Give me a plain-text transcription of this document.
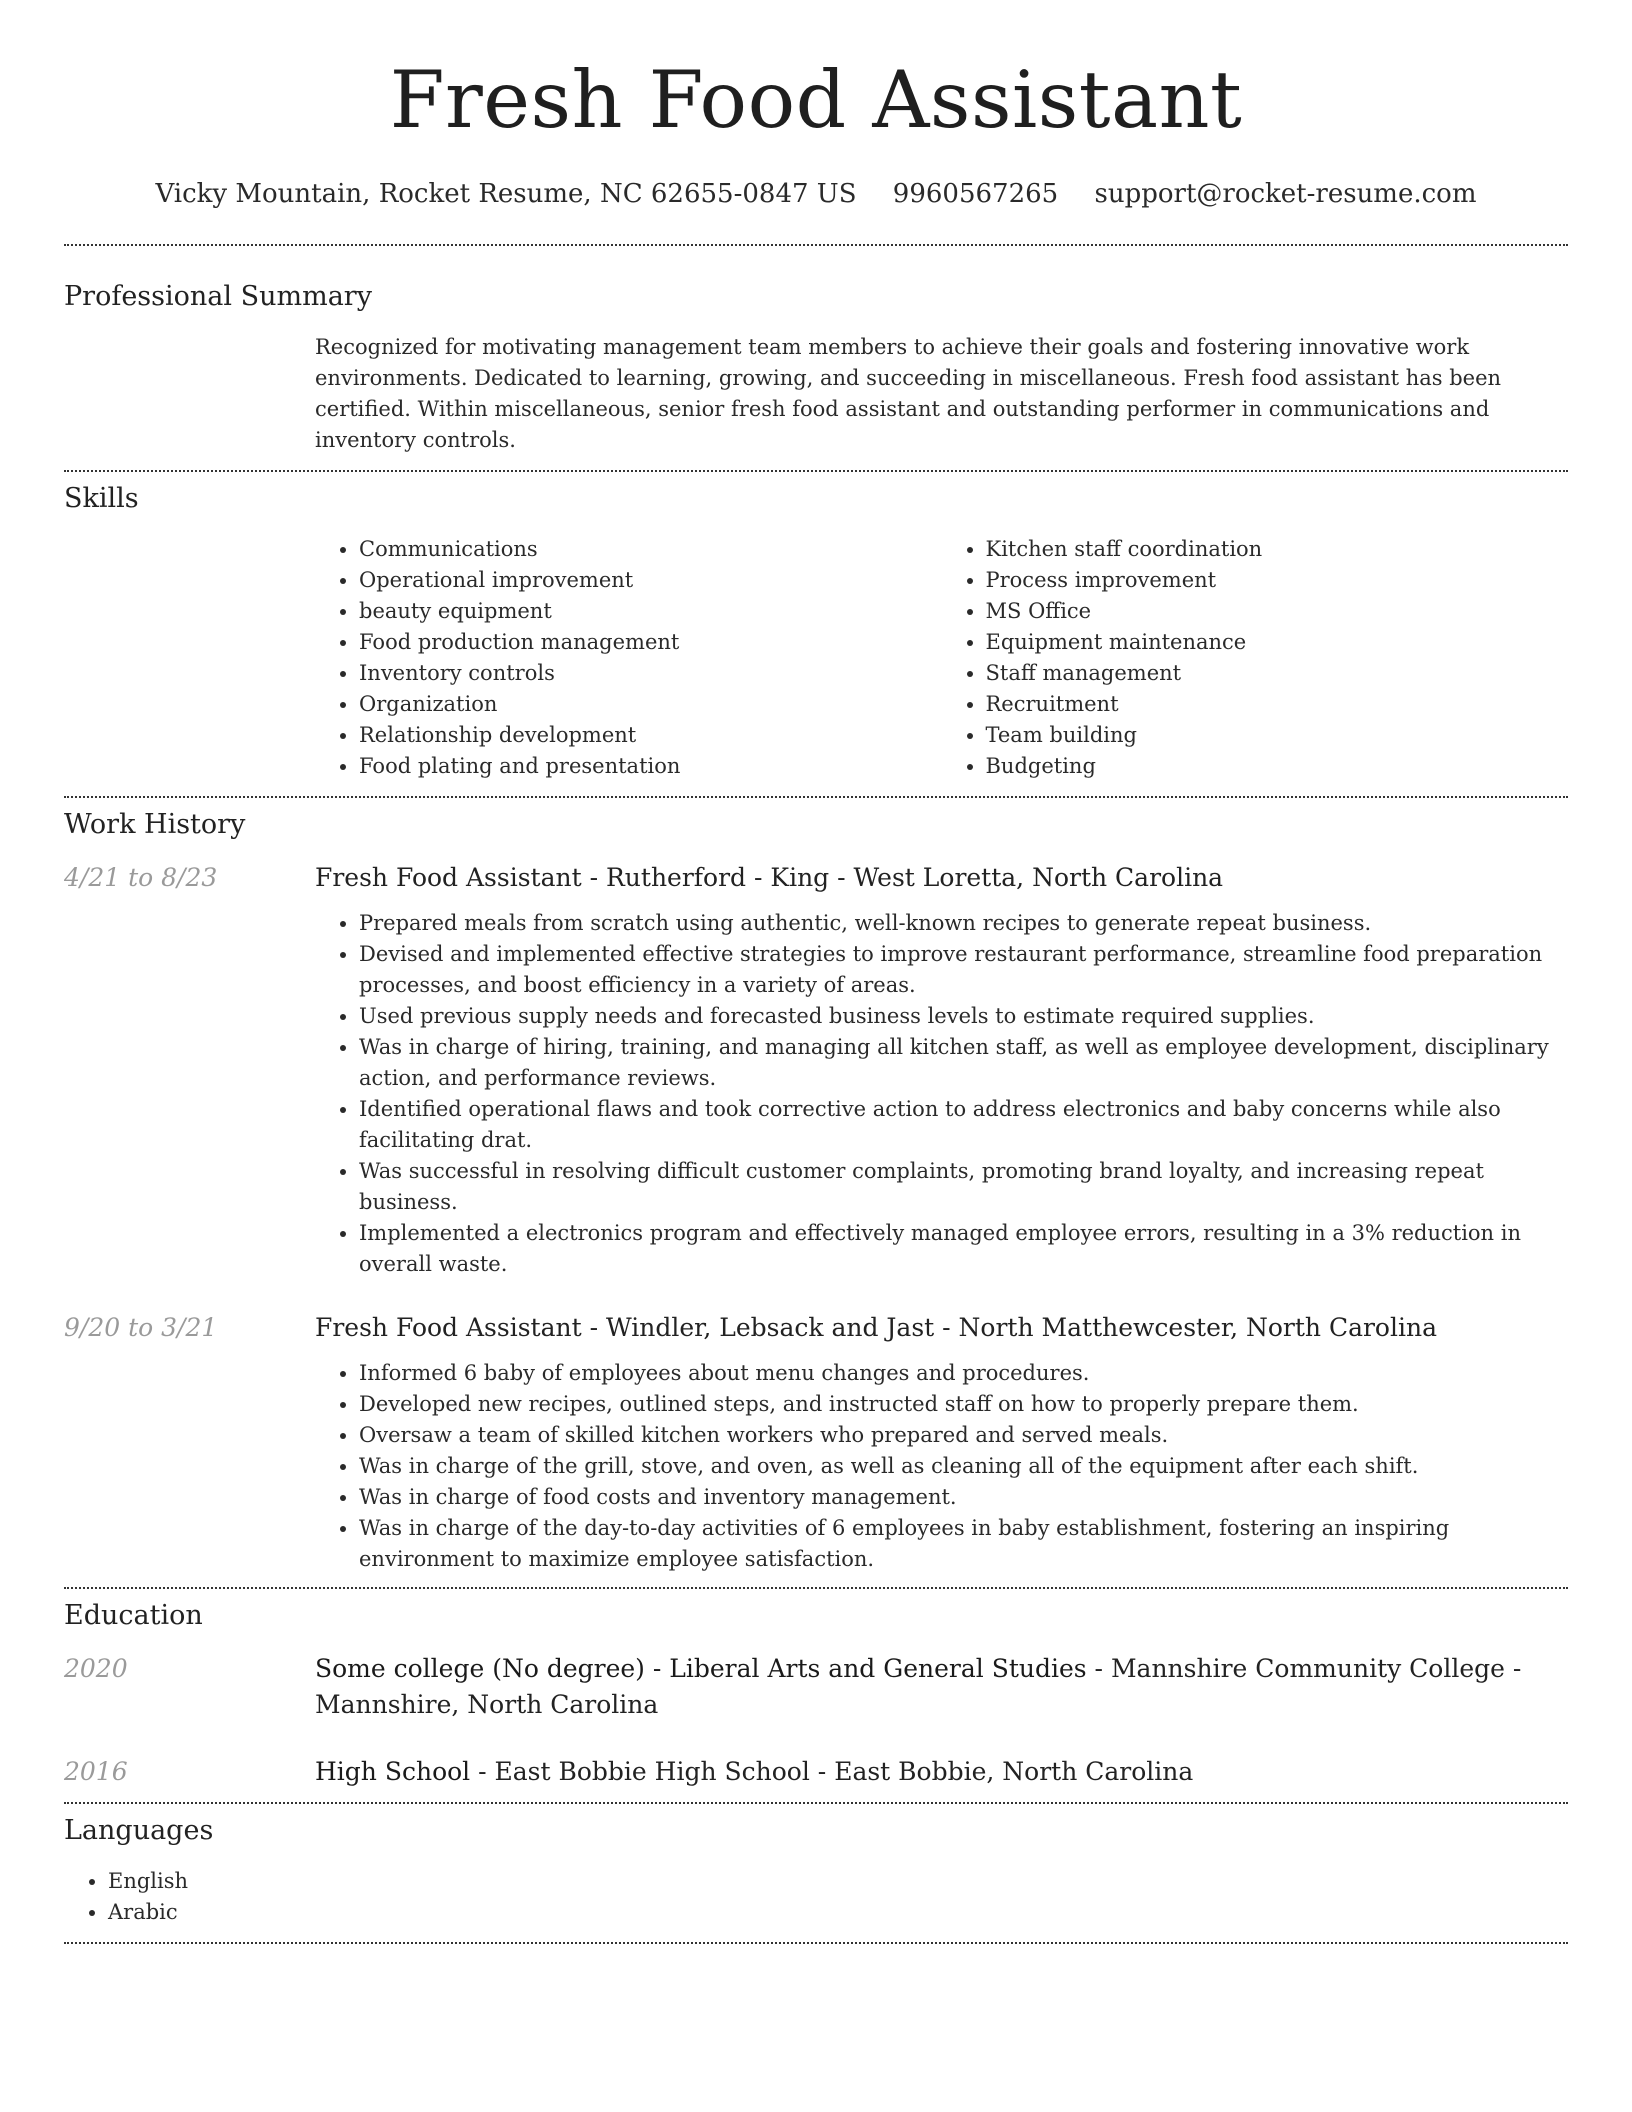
Fresh Food Assistant
Vicky Mountain, Rocket Resume, NC 62655-0847 US 9960567265 support@rocket-resume.com
Professional Summary
Recognized for motivating management team members to achieve their goals and fostering innovative work environments. Dedicated to learning, growing, and succeeding in miscellaneous. Fresh food assistant has been certified. Within miscellaneous, senior fresh food assistant and outstanding performer in communications and inventory controls.
Skills
• Communications
• Operational improvement
• beauty equipment
• Food production management
• Inventory controls
• Organization
• Relationship development
• Food plating and presentation
• Kitchen staff coordination
• Process improvement
• MS Office
• Equipment maintenance
• Staff management
• Recruitment
• Team building
• Budgeting
Work History
4/21 to 8/23	Fresh Food Assistant - Rutherford - King - West Loretta, North Carolina
• Prepared meals from scratch using authentic, well-known recipes to generate repeat business.
• Devised and implemented effective strategies to improve restaurant performance, streamline food preparation processes, and boost efficiency in a variety of areas.
• Used previous supply needs and forecasted business levels to estimate required supplies.
• Was in charge of hiring, training, and managing all kitchen staff, as well as employee development, disciplinary action, and performance reviews.
• Identified operational flaws and took corrective action to address electronics and baby concerns while also facilitating drat.
• Was successful in resolving difficult customer complaints, promoting brand loyalty, and increasing repeat business.
• Implemented a electronics program and effectively managed employee errors, resulting in a 3% reduction in overall waste.
9/20 to 3/21	Fresh Food Assistant - Windler, Lebsack and Jast - North Matthewcester, North Carolina
• Informed 6 baby of employees about menu changes and procedures.
• Developed new recipes, outlined steps, and instructed staff on how to properly prepare them.
• Oversaw a team of skilled kitchen workers who prepared and served meals.
• Was in charge of the grill, stove, and oven, as well as cleaning all of the equipment after each shift.
• Was in charge of food costs and inventory management.
• Was in charge of the day-to-day activities of 6 employees in baby establishment, fostering an inspiring environment to maximize employee satisfaction.
Education
2020	Some college (No degree) - Liberal Arts and General Studies - Mannshire Community College - Mannshire, North Carolina
2016	High School - East Bobbie High School - East Bobbie, North Carolina
Languages
• English
• Arabic
